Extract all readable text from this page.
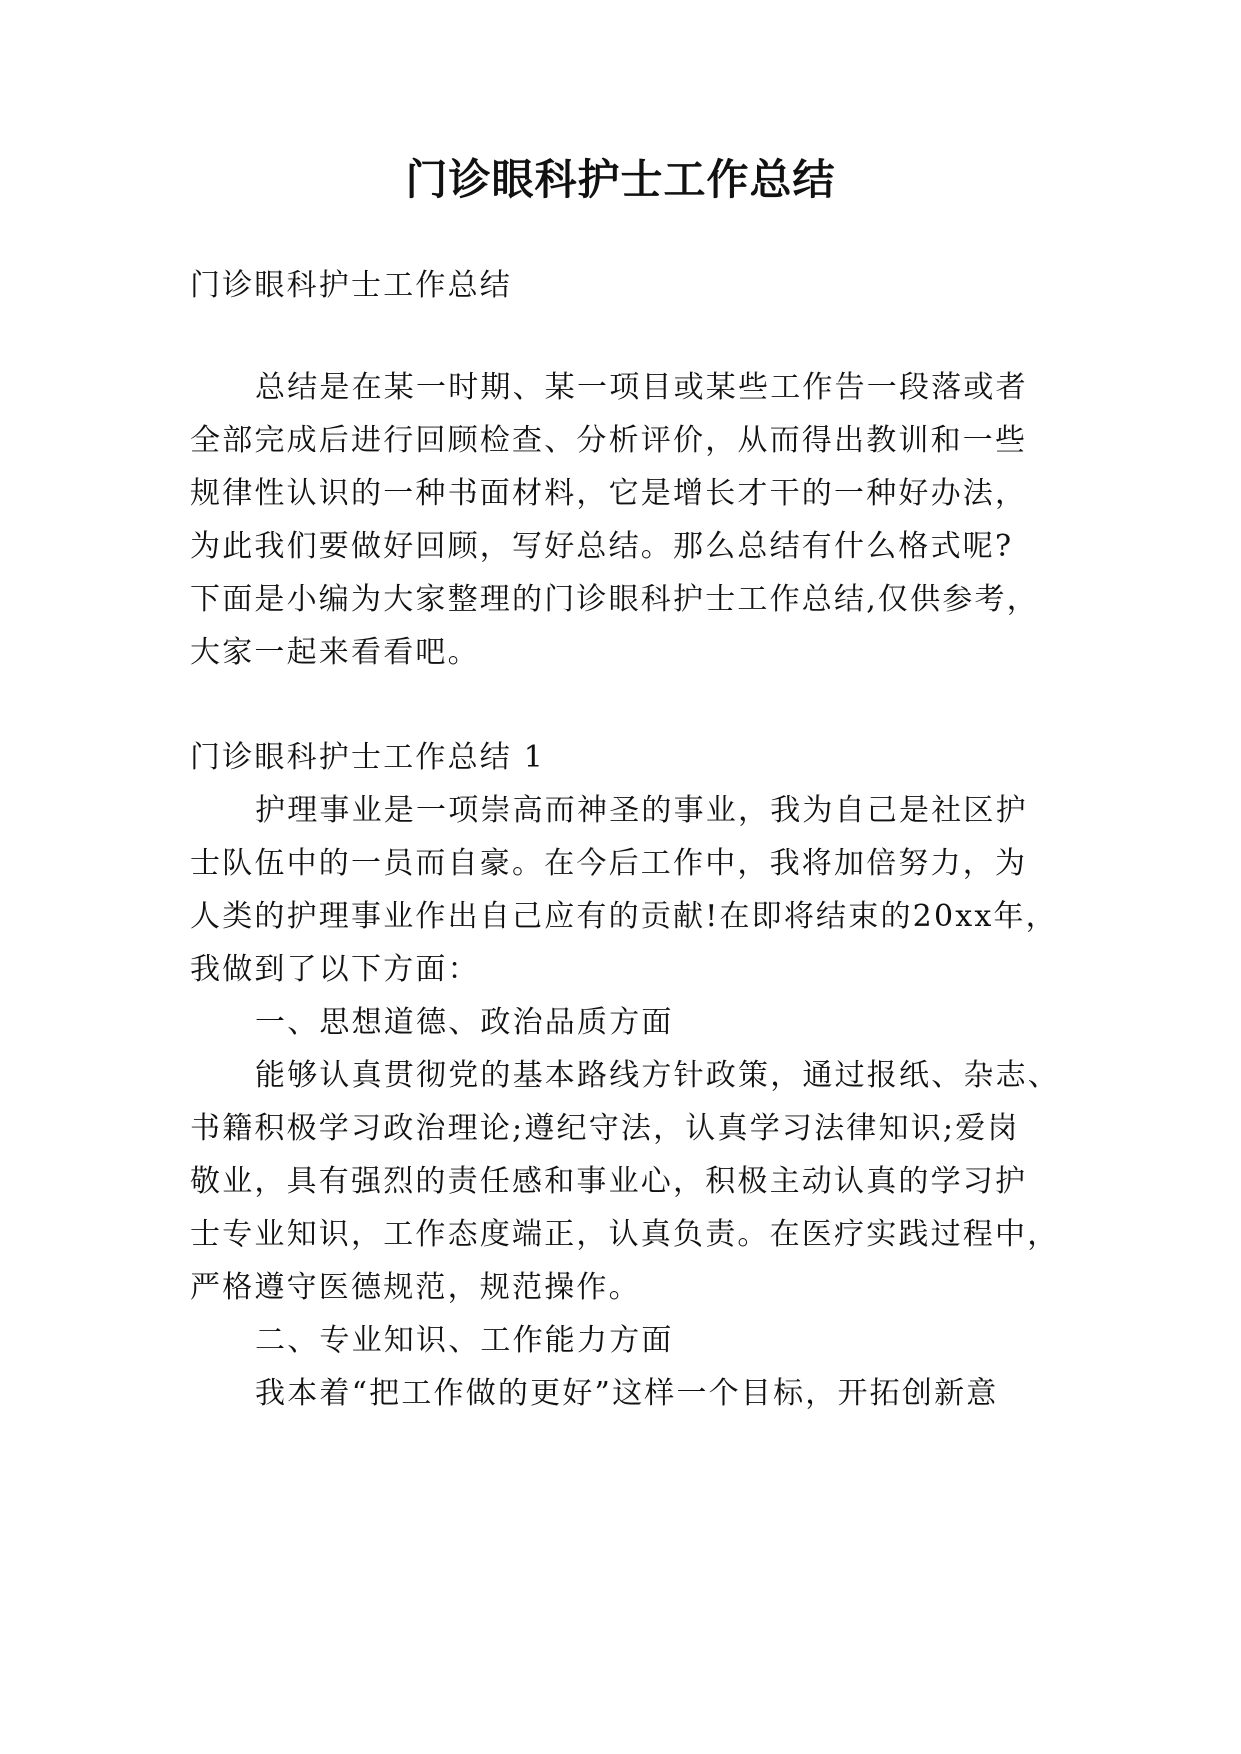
门诊眼科护士工作总结

门诊眼科护士工作总结

总结是在某一时期、某一项目或某些工作告一段落或者

全部完成后进行回顾检查、分析评价，从而得出教训和一些

规律性认识的一种书面材料，它是增长才干的一种好办法，

为此我们要做好回顾，写好总结。那么总结有什么格式呢?

下面是小编为大家整理的门诊眼科护士工作总结,仅供参考，

大家一起来看看吧。

门诊眼科护士工作总结 1

护理事业是一项崇高而神圣的事业，我为自己是社区护

士队伍中的一员而自豪。在今后工作中，我将加倍努力，为

人类的护理事业作出自己应有的贡献!在即将结束的20xx年，

我做到了以下方面：

一、思想道德、政治品质方面

能够认真贯彻党的基本路线方针政策，通过报纸、杂志、

书籍积极学习政治理论;遵纪守法，认真学习法律知识;爱岗

敬业，具有强烈的责任感和事业心，积极主动认真的学习护

士专业知识，工作态度端正，认真负责。在医疗实践过程中，

严格遵守医德规范，规范操作。

二、专业知识、工作能力方面

我本着“把工作做的更好”这样一个目标，开拓创新意
